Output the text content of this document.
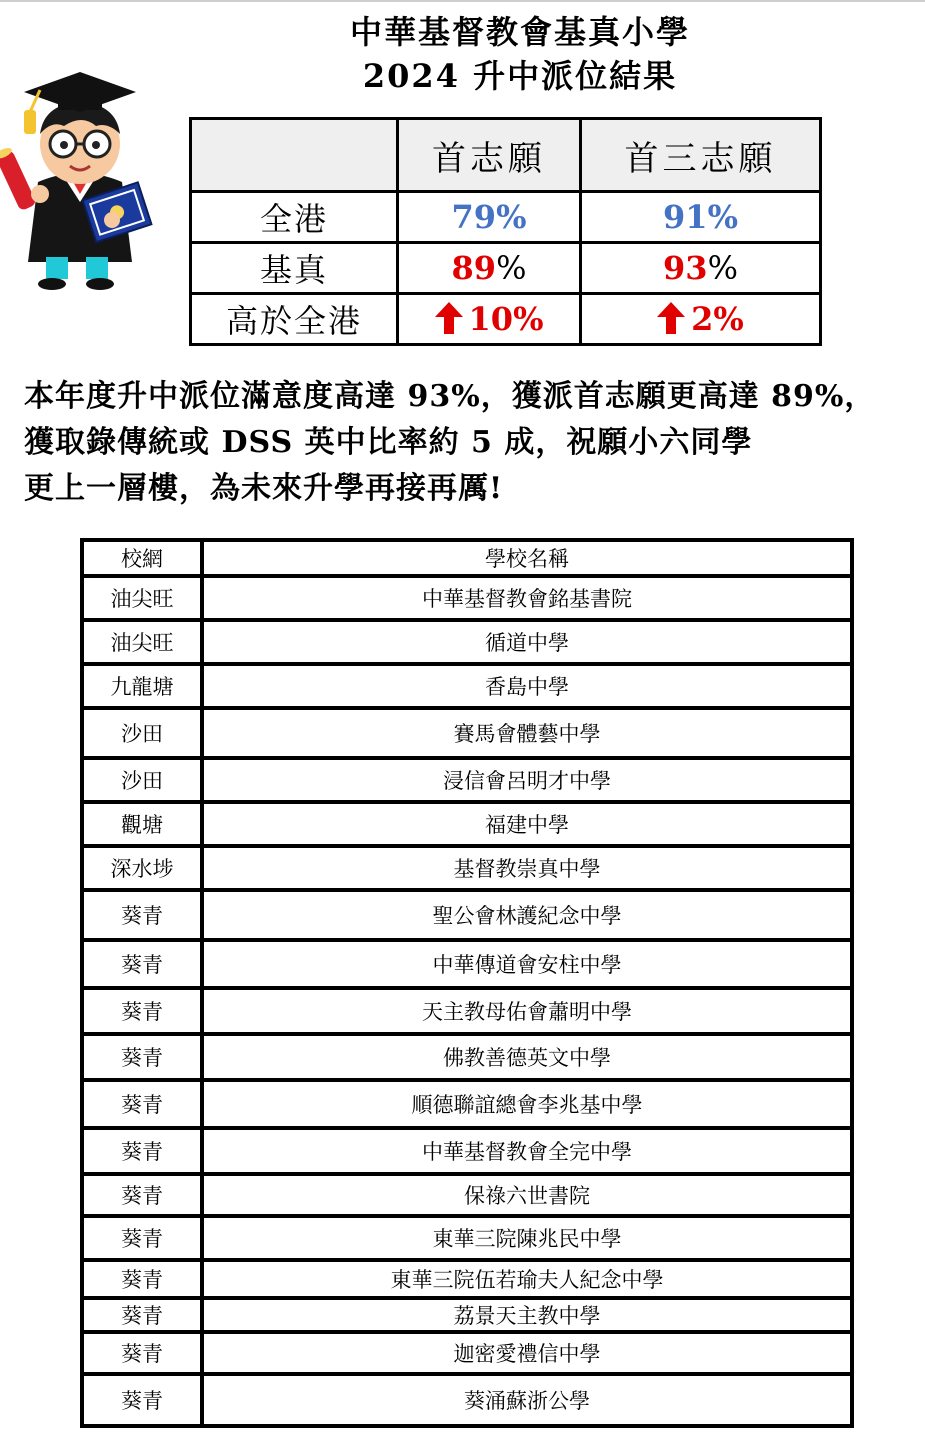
中華基督教會基真小學
2024 升中派位結果
	首志願	首三志願
全港	79%	91%
基真	89%	93%
高於全港	10%	2%
本年度升中派位滿意度高達 93%，獲派首志願更高達 89%，
獲取錄傳統或 DSS 英中比率約 5 成，祝願小六同學
更上一層樓，為未來升學再接再厲!
校網	學校名稱
油尖旺	中華基督教會銘基書院
油尖旺	循道中學
九龍塘	香島中學
沙田	賽馬會體藝中學
沙田	浸信會呂明才中學
觀塘	福建中學
深水埗	基督教崇真中學
葵青	聖公會林護紀念中學
葵青	中華傳道會安柱中學
葵青	天主教母佑會蕭明中學
葵青	佛教善德英文中學
葵青	順德聯誼總會李兆基中學
葵青	中華基督教會全完中學
葵青	保祿六世書院
葵青	東華三院陳兆民中學
葵青	東華三院伍若瑜夫人紀念中學
葵青	荔景天主教中學
葵青	迦密愛禮信中學
葵青	葵涌蘇浙公學
